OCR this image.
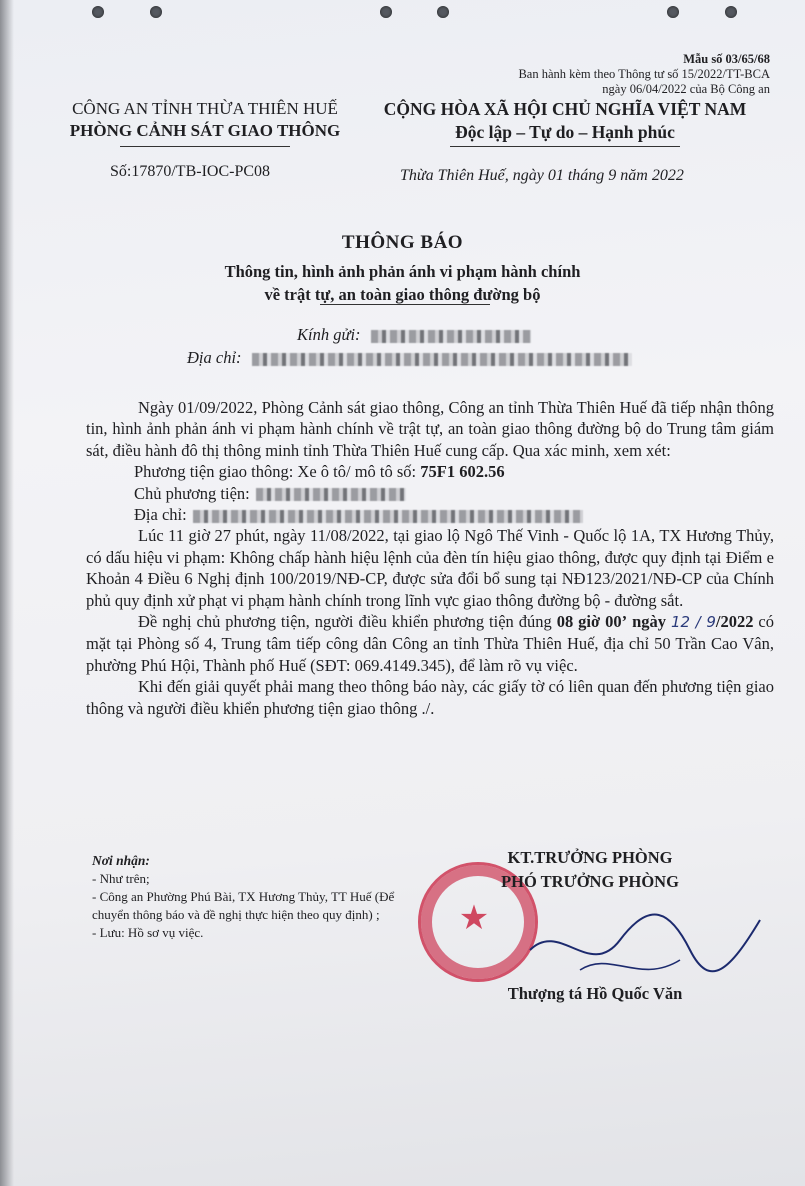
Mẫu số 03/65/68
Ban hành kèm theo Thông tư số 15/2022/TT-BCA
ngày 06/04/2022 của Bộ Công an
CÔNG AN TỈNH THỪA THIÊN HUẾ
PHÒNG CẢNH SÁT GIAO THÔNG
CỘNG HÒA XÃ HỘI CHỦ NGHĨA VIỆT NAM
Độc lập – Tự do – Hạnh phúc
Số:17870/TB-IOC-PC08	Thừa Thiên Huế, ngày 01 tháng 9 năm 2022
THÔNG BÁO
Thông tin, hình ảnh phản ánh vi phạm hành chính
về trật tự, an toàn giao thông đường bộ
Kính gửi:
Địa chỉ:

Ngày 01/09/2022, Phòng Cảnh sát giao thông, Công an tỉnh Thừa Thiên Huế đã tiếp nhận thông tin, hình ảnh phản ánh vi phạm hành chính về trật tự, an toàn giao thông đường bộ do Trung tâm giám sát, điều hành đô thị thông minh tỉnh Thừa Thiên Huế cung cấp. Qua xác minh, xem xét:

Phương tiện giao thông: Xe ô tô/ mô tô số: 75F1 602.56

Chủ phương tiện:

Địa chỉ:

Lúc 11 giờ 27 phút, ngày 11/08/2022, tại giao lộ Ngô Thế Vinh - Quốc lộ 1A, TX Hương Thủy, có dấu hiệu vi phạm: Không chấp hành hiệu lệnh của đèn tín hiệu giao thông, được quy định tại Điểm e Khoản 4 Điều 6 Nghị định 100/2019/NĐ-CP, được sửa đổi bổ sung tại NĐ123/2021/NĐ-CP của Chính phủ quy định xử phạt vi phạm hành chính trong lĩnh vực giao thông đường bộ - đường sắt.

Đề nghị chủ phương tiện, người điều khiển phương tiện đúng 08 giờ 00’ ngày 12 / 9/2022 có mặt tại Phòng số 4, Trung tâm tiếp công dân Công an tỉnh Thừa Thiên Huế, địa chỉ 50 Trần Cao Vân, phường Phú Hội, Thành phố Huế (SĐT: 069.4149.345), để làm rõ vụ việc.

Khi đến giải quyết phải mang theo thông báo này, các giấy tờ có liên quan đến phương tiện giao thông và người điều khiển phương tiện giao thông ./.

Nơi nhận:
- Như trên;
- Công an Phường Phú Bài, TX Hương Thủy, TT Huế (Để chuyển thông báo và đề nghị thực hiện theo quy định) ;
- Lưu: Hồ sơ vụ việc.	★
KT.TRƯỞNG PHÒNG
PHÓ TRƯỞNG PHÒNG
Thượng tá Hồ Quốc Văn
